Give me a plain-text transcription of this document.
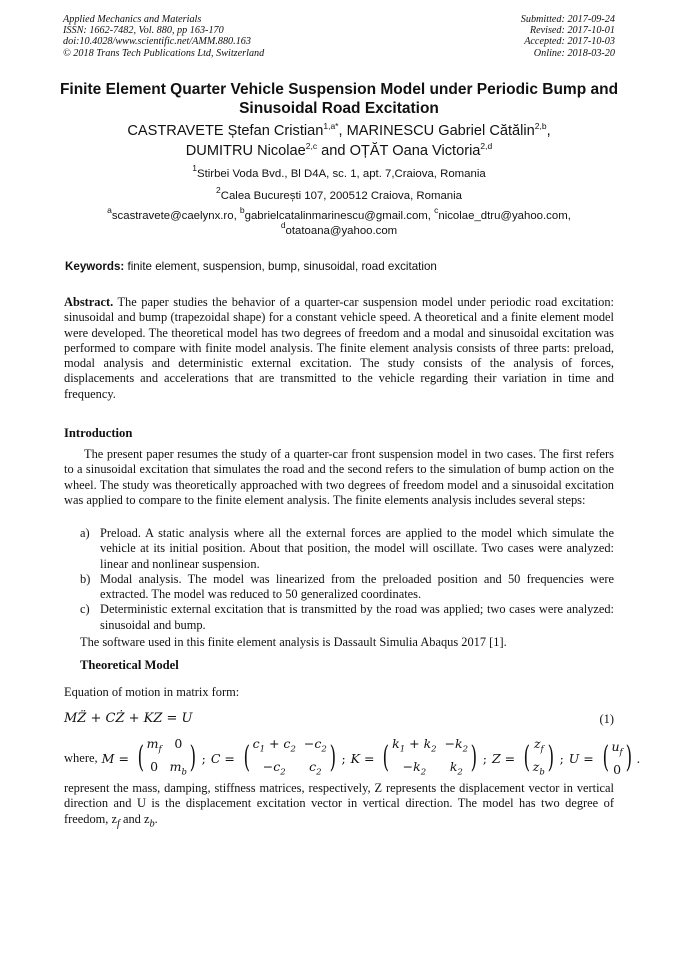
Applied Mechanics and Materials
ISSN: 1662-7482, Vol. 880, pp 163-170
doi:10.4028/www.scientific.net/AMM.880.163
© 2018 Trans Tech Publications Ltd, Switzerland
Submitted: 2017-09-24
Revised: 2017-10-01
Accepted: 2017-10-03
Online: 2018-03-20
Finite Element Quarter Vehicle Suspension Model under Periodic Bump and Sinusoidal Road Excitation
CASTRAVETE Ștefan Cristian$^{1,a*}$, MARINESCU Gabriel Cătălin$^{2,b}$,
DUMITRU Nicolae$^{2,c}$ and OȚĂT Oana Victoria$^{2,d}$
$^1$Stirbei Voda Bvd., Bl D4A, sc. 1, apt. 7,Craiova, Romania
$^2$Calea București 107, 200512 Craiova, Romania
$^a$scastravete@caelynx.ro, $^b$gabrielcatalinmarinescu@gmail.com, $^c$nicolae_dtru@yahoo.com,
$^d$otatoana@yahoo.com
Keywords: finite element, suspension, bump, sinusoidal, road excitation
Abstract. The paper studies the behavior of a quarter-car suspension model under periodic road excitation: sinusoidal and bump (trapezoidal shape) for a constant vehicle speed. A theoretical and a finite element model were developed. The theoretical model has two degrees of freedom and a modal and sinusoidal excitation was performed to compare with finite model analysis. The finite element analysis consists of three parts: preload, modal analysis and deterministic external excitation. The study consists of the analysis of forces, displacements and accelerations that are transmitted to the vehicle regarding their variation in time and frequency.
Introduction
The present paper resumes the study of a quarter-car front suspension model in two cases. The first refers to a sinusoidal excitation that simulates the road and the second refers to the simulation of bump action on the wheel. The study was theoretically approached with two degrees of freedom model and a sinusoidal excitation was applied to compare to the finite element analysis. The finite elements analysis includes several steps:
a) Preload. A static analysis where all the external forces are applied to the model which simulate the vehicle at its initial position. About that position, the model will oscillate. Two cases were analyzed: linear and nonlinear suspension.
b) Modal analysis. The model was linearized from the preloaded position and 50 frequencies were extracted. The model was reduced to 50 generalized coordinates.
c) Deterministic external excitation that is transmitted by the road was applied; two cases were analyzed: sinusoidal and bump.
The software used in this finite element analysis is Dassault Simulia Abaqus 2017 [1].
Theoretical Model
Equation of motion in matrix form:
MZ̈ + CŻ + KZ = U	(1)
where, M = ( $m_f$	0
0 $m_b$ ) ; C = ( $c_1 + c_2 -c_2$
$-c_2$	$c_2$ ) ; K = ( $k_1 + k_2 -k_2$
$-k_2$	$k_2$ ) ; Z = ( $z_f$
$z_b$ ) ; U = ( $u_f$
0 ) .
represent the mass, damping, stiffness matrices, respectively, Z represents the displacement vector in vertical direction and U is the displacement excitation vector in vertical direction. The model has two degree of freedom, $z_f$ and $z_b$.
